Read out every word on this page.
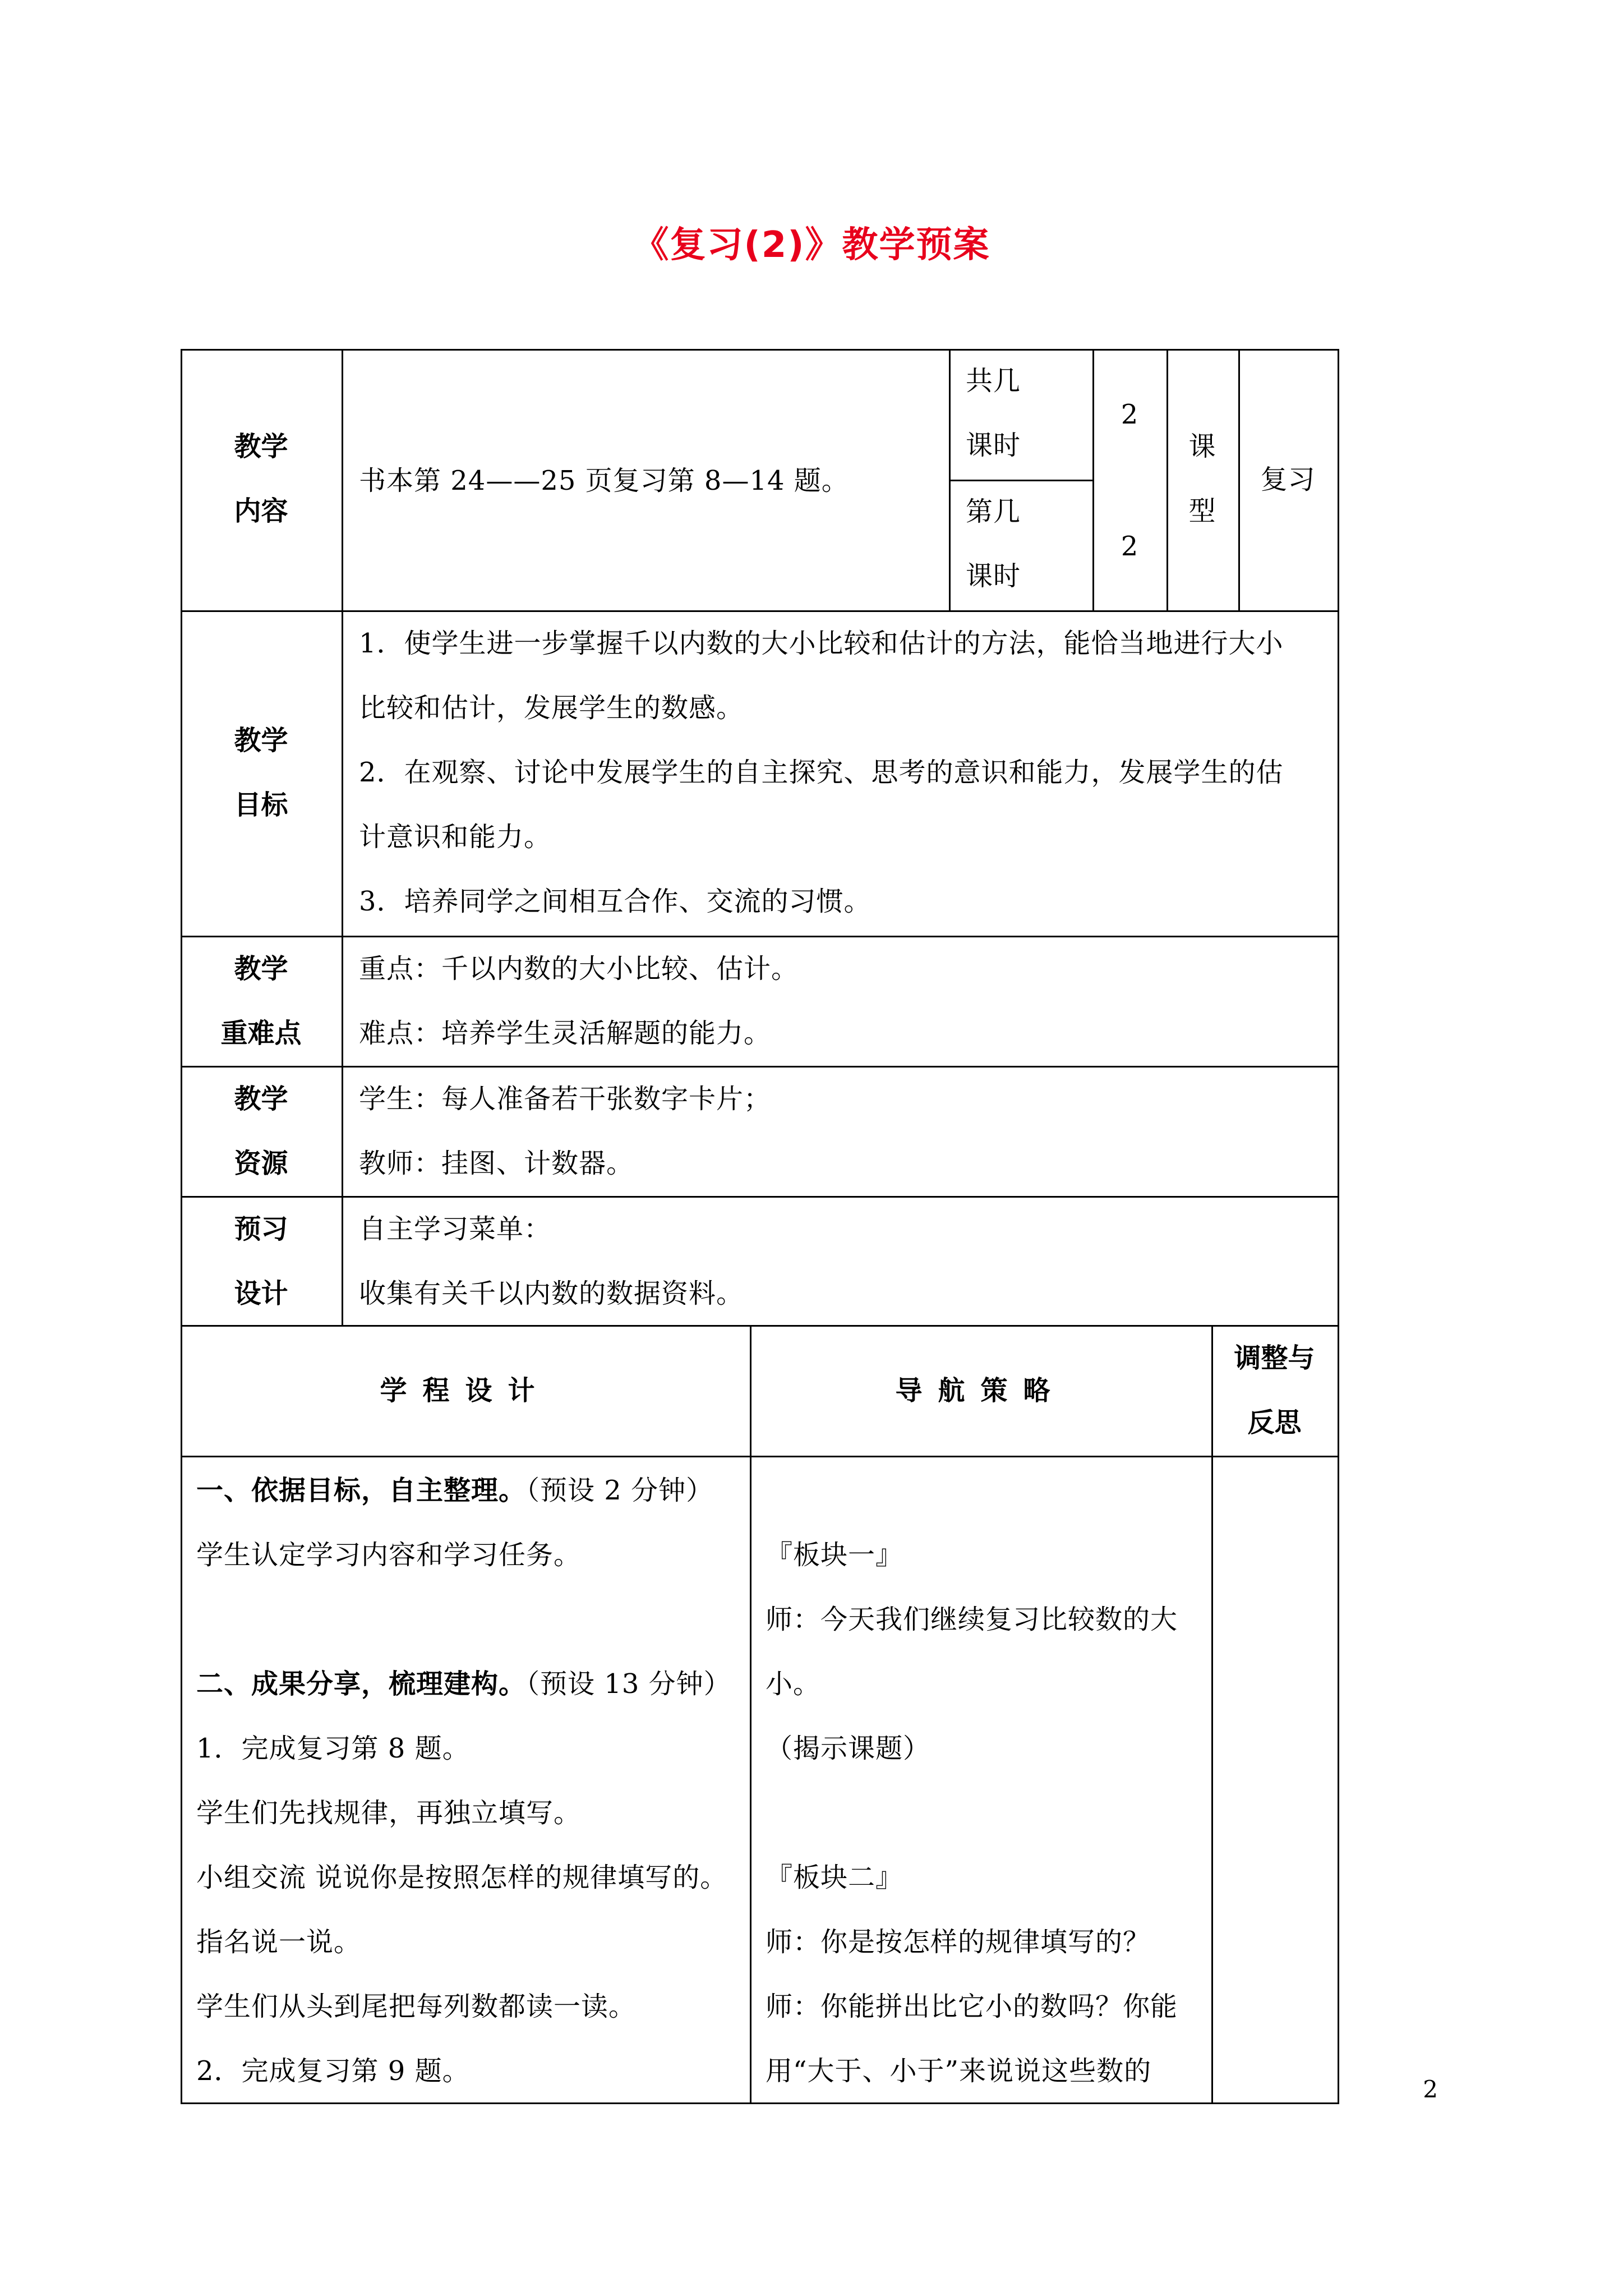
《复习(2)》教学预案
教学
内容
书本第 24——25 页复习第 8—14 题。
共几
课时
2
第几
课时
2
课
型
复习
教学
目标
1．使学生进一步掌握千以内数的大小比较和估计的方法，能恰当地进行大小
比较和估计，发展学生的数感。
2．在观察、讨论中发展学生的自主探究、思考的意识和能力，发展学生的估
计意识和能力。
3．培养同学之间相互合作、交流的习惯。
教学
重难点
重点：千以内数的大小比较、估计。
难点：培养学生灵活解题的能力。
教学
资源
学生：每人准备若干张数字卡片；
教师：挂图、计数器。
预习
设计
自主学习菜单：
收集有关千以内数的数据资料。
学程设计	导航策略
调整与
反思
一、依据目标，自主整理。（预设 2 分钟）
学生认定学习内容和学习任务。

二、成果分享，梳理建构。（预设 13 分钟）
1．完成复习第 8 题。
学生们先找规律，再独立填写。
小组交流 说说你是按照怎样的规律填写的。
指名说一说。
学生们从头到尾把每列数都读一读。
2．完成复习第 9 题。
『板块一』
师：今天我们继续复习比较数的大
小。
（揭示课题）

『板块二』
师：你是按怎样的规律填写的？
师：你能拼出比它小的数吗？你能
用“大于、小于”来说说这些数的
2
